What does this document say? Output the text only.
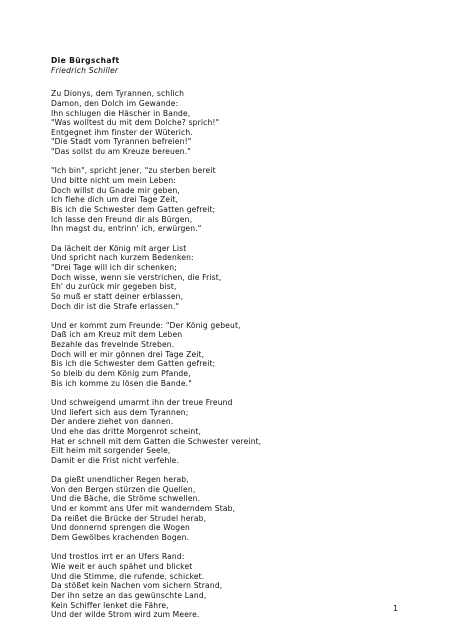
Die Bürgschaft
Friedrich Schiller
Zu Dionys, dem Tyrannen, schlich
Damon, den Dolch im Gewande:
Ihn schlugen die Häscher in Bande,
"Was wolltest du mit dem Dolche? sprich!"
Entgegnet ihm finster der Wüterich.
"Die Stadt vom Tyrannen befreien!"
"Das sollst du am Kreuze bereuen."
"Ich bin", spricht jener, "zu sterben bereit
Und bitte nicht um mein Leben:
Doch willst du Gnade mir geben,
Ich flehe dich um drei Tage Zeit,
Bis ich die Schwester dem Gatten gefreit;
Ich lasse den Freund dir als Bürgen,
Ihn magst du, entrinn' ich, erwürgen."
Da lächelt der König mit arger List
Und spricht nach kurzem Bedenken:
"Drei Tage will ich dir schenken;
Doch wisse, wenn sie verstrichen, die Frist,
Eh' du zurück mir gegeben bist,
So muß er statt deiner erblassen,
Doch dir ist die Strafe erlassen."
Und er kommt zum Freunde: "Der König gebeut,
Daß ich am Kreuz mit dem Leben
Bezahle das frevelnde Streben.
Doch will er mir gönnen drei Tage Zeit,
Bis ich die Schwester dem Gatten gefreit;
So bleib du dem König zum Pfande,
Bis ich komme zu lösen die Bande."
Und schweigend umarmt ihn der treue Freund
Und liefert sich aus dem Tyrannen;
Der andere ziehet von dannen.
Und ehe das dritte Morgenrot scheint,
Hat er schnell mit dem Gatten die Schwester vereint,
Eilt heim mit sorgender Seele,
Damit er die Frist nicht verfehle.
Da gießt unendlicher Regen herab,
Von den Bergen stürzen die Quellen,
Und die Bäche, die Ströme schwellen.
Und er kommt ans Ufer mit wanderndem Stab,
Da reißet die Brücke der Strudel herab,
Und donnernd sprengen die Wogen
Dem Gewölbes krachenden Bogen.
Und trostlos irrt er an Ufers Rand:
Wie weit er auch spähet und blicket
Und die Stimme, die rufende, schicket.
Da stößet kein Nachen vom sichern Strand,
Der ihn setze an das gewünschte Land,
Kein Schiffer lenket die Fähre,
Und der wilde Strom wird zum Meere.
1
